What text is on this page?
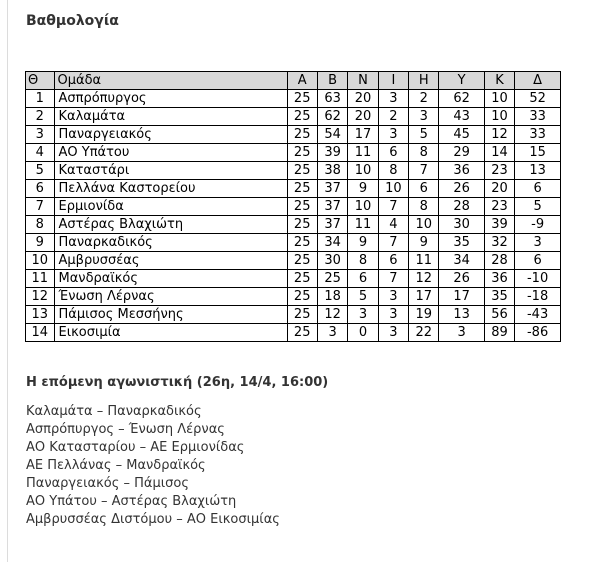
Βαθμολογία
Θ	Ομάδα	Α	Β	Ν	Ι	Η	Υ	Κ	Δ
1	Ασπρόπυργος	25	63	20	3	2	62	10	52
2	Καλαμάτα	25	62	20	2	3	43	10	33
3	Παναργειακός	25	54	17	3	5	45	12	33
4	ΑΟ Υπάτου	25	39	11	6	8	29	14	15
5	Καταστάρι	25	38	10	8	7	36	23	13
6	Πελλάνα Καστορείου	25	37	9	10	6	26	20	6
7	Ερμιονίδα	25	37	10	7	8	28	23	5
8	Αστέρας Βλαχιώτη	25	37	11	4	10	30	39	-9
9	Παναρκαδικός	25	34	9	7	9	35	32	3
10	Αμβρυσσέας	25	30	8	6	11	34	28	6
11	Μανδραϊκός	25	25	6	7	12	26	36	-10
12	Ένωση Λέρνας	25	18	5	3	17	17	35	-18
13	Πάμισος Μεσσήνης	25	12	3	3	19	13	56	-43
14	Εικοσιμία	25	3	0	3	22	3	89	-86
Η επόμενη αγωνιστική (26η, 14/4, 16:00)
Καλαμάτα – Παναρκαδικός
Ασπρόπυργος – Ένωση Λέρνας
ΑΟ Κατασταρίου – ΑΕ Ερμιονίδας
ΑΕ Πελλάνας – Μανδραϊκός
Παναργειακός – Πάμισος
ΑΟ Υπάτου – Αστέρας Βλαχιώτη
Αμβρυσσέας Διστόμου – ΑΟ Εικοσιμίας
